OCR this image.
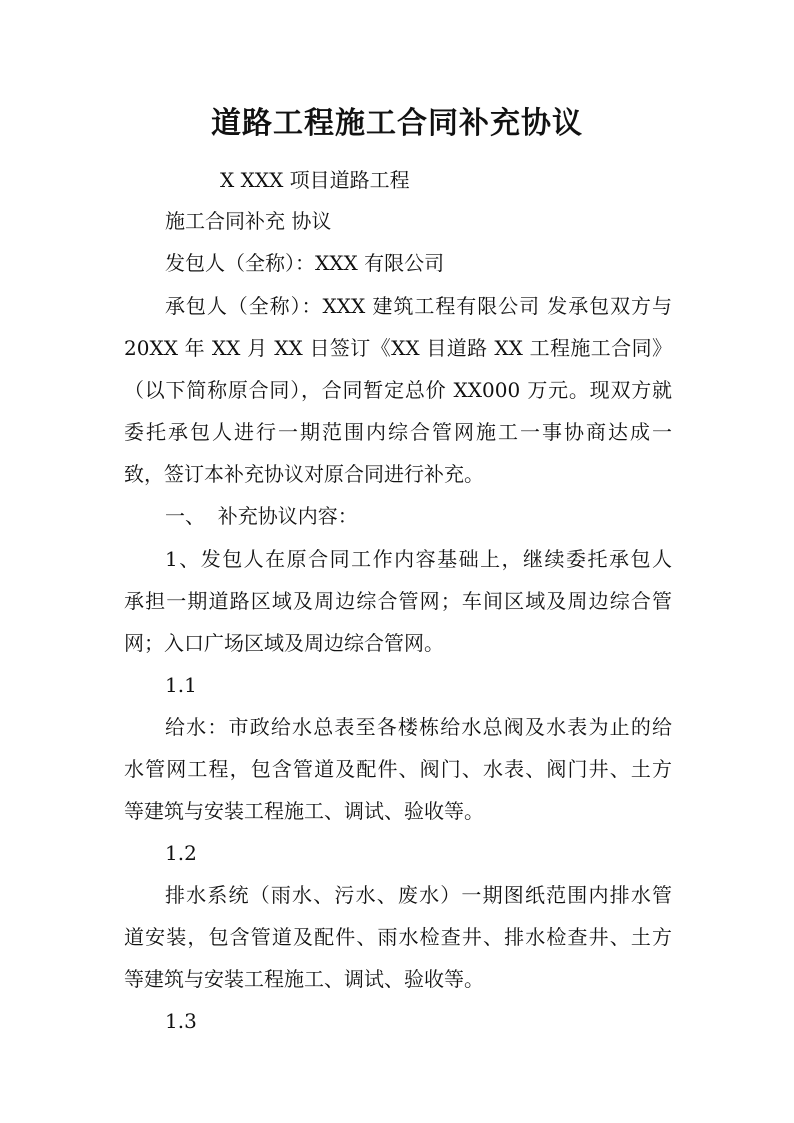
道路工程施工合同补充协议
X XXX 项目道路工程
施工合同补充 协议
发包人（全称）：XXX 有限公司
承包人（全称）：XXX 建筑工程有限公司 发承包双方与
20XX 年 XX 月 XX 日签订《XX 目道路 XX 工程施工合同》
（以下简称原合同），合同暂定总价 XX000 万元。现双方就
委托承包人进行一期范围内综合管网施工一事协商达成一
致，签订本补充协议对原合同进行补充。
一、  补充协议内容：
1、发包人在原合同工作内容基础上，继续委托承包人
承担一期道路区域及周边综合管网；车间区域及周边综合管
网；入口广场区域及周边综合管网。
1.1
给水：市政给水总表至各楼栋给水总阀及水表为止的给
水管网工程，包含管道及配件、阀门、水表、阀门井、土方
等建筑与安装工程施工、调试、验收等。
1.2
排水系统（雨水、污水、废水）一期图纸范围内排水管
道安装，包含管道及配件、雨水检查井、排水检查井、土方
等建筑与安装工程施工、调试、验收等。
1.3
